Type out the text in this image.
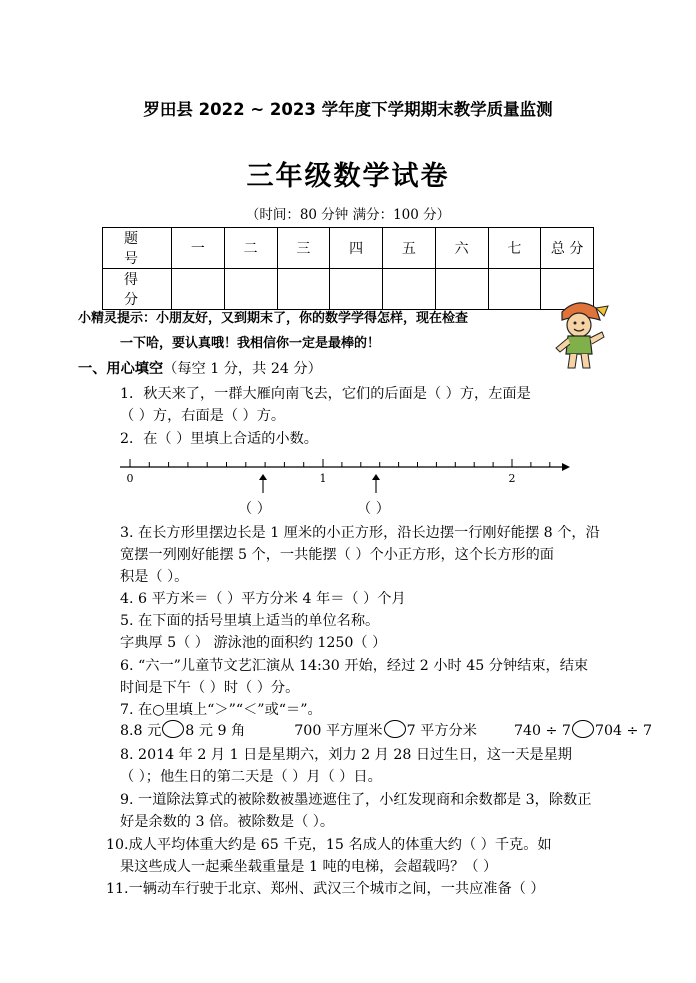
罗田县 2022 ~ 2023 学年度下学期期末教学质量监测
三年级数学试卷
（时间：80 分钟 满分：100 分）
题 号	一	二	三	四	五	六	七	总 分
得 分								
小精灵提示：小朋友好，又到期末了，你的数学学得怎样，现在检查
一下哈，要认真哦！我相信你一定是最棒的！
一、用心填空（每空 1 分，共 24 分）
1．秋天来了，一群大雁向南飞去，它们的后面是（ ）方，左面是
（ ）方，右面是（ ）方。
2．在（ ）里填上合适的小数。
0	1	2
（ ）	（ ）
3. 在长方形里摆边长是 1 厘米的小正方形，沿长边摆一行刚好能摆 8 个，沿
宽摆一列刚好能摆 5 个，一共能摆（ ）个小正方形，这个长方形的面
积是（ ）。
4. 6 平方米＝（ ）平方分米 4 年＝（ ）个月
5. 在下面的括号里填上适当的单位名称。
字典厚 5（ ） 游泳池的面积约 1250（ ）
6. “六一”儿童节文艺汇演从 14:30 开始，经过 2 小时 45 分钟结束，结束
时间是下午（ ）时（ ）分。
7. 在○里填上“＞”“＜”或“＝”。
8.8 元 8 元 9 角	700 平方厘米 7 平方分米	740 ÷ 7 704 ÷ 7
8. 2014 年 2 月 1 日是星期六，刘力 2 月 28 日过生日，这一天是星期
（ ）；他生日的第二天是（ ）月（ ）日。
9. 一道除法算式的被除数被墨迹遮住了，小红发现商和余数都是 3，除数正
好是余数的 3 倍。被除数是（ ）。
10.成人平均体重大约是 65 千克，15 名成人的体重大约（ ）千克。如
果这些成人一起乘坐载重量是 1 吨的电梯，会超载吗？（ ）
11.一辆动车行驶于北京、郑州、武汉三个城市之间，一共应准备（ ）
